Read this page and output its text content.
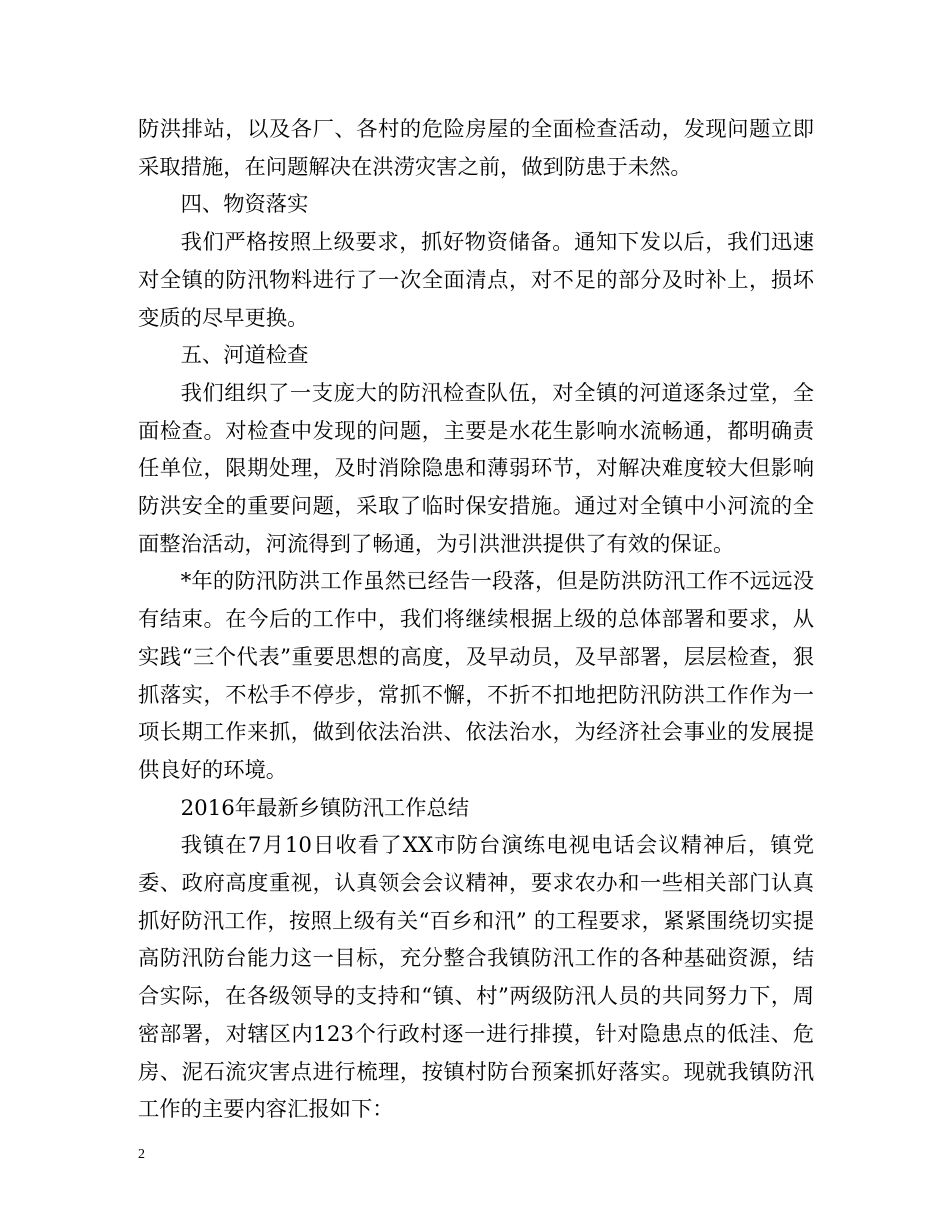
防洪排站，以及各厂、各村的危险房屋的全面检查活动，发现问题立即采取措施，在问题解决在洪涝灾害之前，做到防患于未然。

四、物资落实

我们严格按照上级要求，抓好物资储备。通知下发以后，我们迅速对全镇的防汛物料进行了一次全面清点，对不足的部分及时补上，损坏变质的尽早更换。

五、河道检查

我们组织了一支庞大的防汛检查队伍，对全镇的河道逐条过堂，全面检查。对检查中发现的问题，主要是水花生影响水流畅通，都明确责任单位，限期处理，及时消除隐患和薄弱环节，对解决难度较大但影响防洪安全的重要问题，采取了临时保安措施。通过对全镇中小河流的全面整治活动，河流得到了畅通，为引洪泄洪提供了有效的保证。

*年的防汛防洪工作虽然已经告一段落，但是防洪防汛工作不远远没有结束。在今后的工作中，我们将继续根据上级的总体部署和要求，从实践“三个代表”重要思想的高度，及早动员，及早部署，层层检查，狠抓落实，不松手不停步，常抓不懈，不折不扣地把防汛防洪工作作为一项长期工作来抓，做到依法治洪、依法治水，为经济社会事业的发展提供良好的环境。

2016年最新乡镇防汛工作总结

我镇在7月10日收看了XX市防台演练电视电话会议精神后，镇党委、政府高度重视，认真领会会议精神，要求农办和一些相关部门认真抓好防汛工作，按照上级有关“百乡和汛” 的工程要求，紧紧围绕切实提高防汛防台能力这一目标，充分整合我镇防汛工作的各种基础资源，结合实际，在各级领导的支持和“镇、村”两级防汛人员的共同努力下，周密部署，对辖区内123个行政村逐一进行排摸，针对隐患点的低洼、危房、泥石流灾害点进行梳理，按镇村防台预案抓好落实。现就我镇防汛工作的主要内容汇报如下：

2
